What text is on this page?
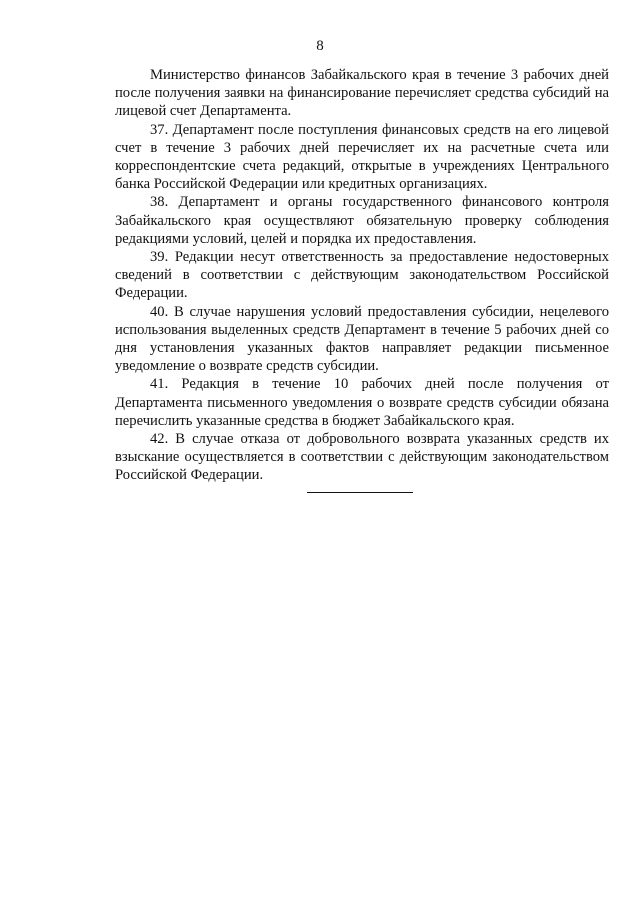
8

Министерство финансов Забайкальского края в течение 3 рабочих дней после получения заявки на финансирование перечисляет средства субсидий на лицевой счет Департамента.

37. Департамент после поступления финансовых средств на его лицевой счет в течение 3 рабочих дней перечисляет их на расчетные счета или корреспондентские счета редакций, открытые в учреждениях Центрального банка Российской Федерации или кредитных организациях.

38. Департамент и органы государственного финансового контроля Забайкальского края осуществляют обязательную проверку соблюдения редакциями условий, целей и порядка их предоставления.

39. Редакции несут ответственность за предоставление недостоверных сведений в соответствии с действующим законодательством Российской Федерации.

40. В случае нарушения условий предоставления субсидии, нецелевого использования выделенных средств Департамент в течение 5 рабочих дней со дня установления указанных фактов направляет редакции письменное уведомление о возврате средств субсидии.

41. Редакция в течение 10 рабочих дней после получения от Департамента письменного уведомления о возврате средств субсидии обязана перечислить указанные средства в бюджет Забайкальского края.

42. В случае отказа от добровольного возврата указанных средств их взыскание осуществляется в соответствии с действующим законодательством Российской Федерации.
